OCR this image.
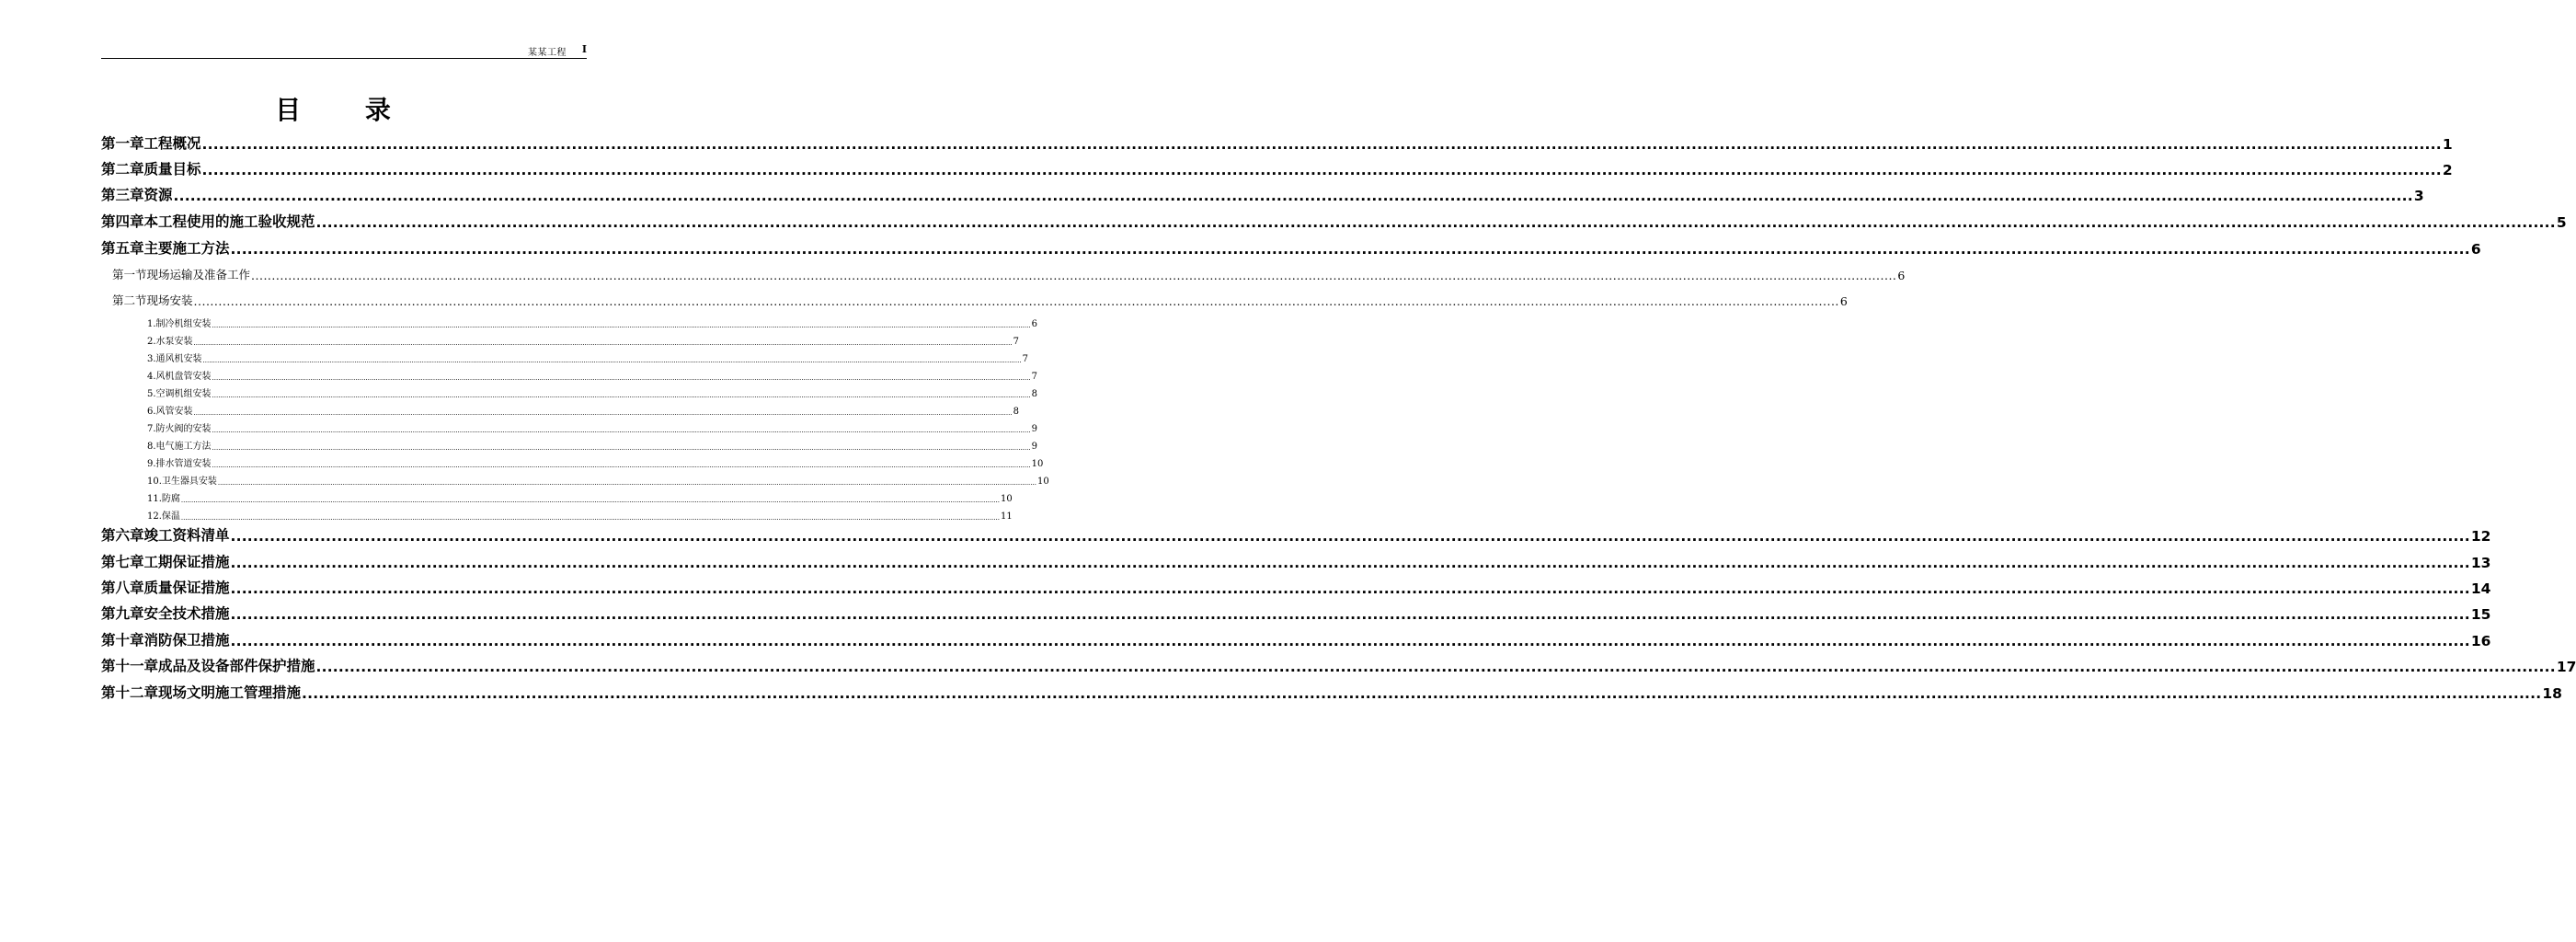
某某工程 I
目 录
第一章 工程概况 ................................................................................................................................................................................................................................................................................................................................................................................................................ 1
第二章 质量目标 ................................................................................................................................................................................................................................................................................................................................................................................................................ 2
第三章 资源 ................................................................................................................................................................................................................................................................................................................................................................................................................ 3
第四章 本工程使用的施工验收规范 ................................................................................................................................................................................................................................................................................................................................................................................................................ 5
第五章 主要施工方法 ................................................................................................................................................................................................................................................................................................................................................................................................................ 6
第一节 现场运输及准备工作 ................................................................................................................................................................................................................................................................................................................................................................................................................ 6
第二节 现场安装 ................................................................................................................................................................................................................................................................................................................................................................................................................ 6
1. 制冷机组安装 ................................................................................................................................................................................................................................................................................................................................................................................................................ 6
2. 水泵安装 ................................................................................................................................................................................................................................................................................................................................................................................................................ 7
3. 通风机安装 ................................................................................................................................................................................................................................................................................................................................................................................................................ 7
4. 风机盘管安装 ................................................................................................................................................................................................................................................................................................................................................................................................................ 7
5. 空调机组安装 ................................................................................................................................................................................................................................................................................................................................................................................................................ 8
6. 风管安装 ................................................................................................................................................................................................................................................................................................................................................................................................................ 8
7. 防火阀的安装 ................................................................................................................................................................................................................................................................................................................................................................................................................ 9
8. 电气施工方法 ................................................................................................................................................................................................................................................................................................................................................................................................................ 9
9. 排水管道安装 ................................................................................................................................................................................................................................................................................................................................................................................................................ 10
10. 卫生器具安装 ................................................................................................................................................................................................................................................................................................................................................................................................................ 10
11. 防腐 ................................................................................................................................................................................................................................................................................................................................................................................................................ 10
12. 保温 ................................................................................................................................................................................................................................................................................................................................................................................................................ 11
第六章 竣工资料清单 ................................................................................................................................................................................................................................................................................................................................................................................................................ 12
第七章 工期保证措施 ................................................................................................................................................................................................................................................................................................................................................................................................................ 13
第八章 质量保证措施 ................................................................................................................................................................................................................................................................................................................................................................................................................ 14
第九章 安全技术措施 ................................................................................................................................................................................................................................................................................................................................................................................................................ 15
第十章 消防保卫措施 ................................................................................................................................................................................................................................................................................................................................................................................................................ 16
第十一章 成品及设备部件保护措施 ................................................................................................................................................................................................................................................................................................................................................................................................................ 17
第十二章 现场文明施工管理措施 ................................................................................................................................................................................................................................................................................................................................................................................................................ 18
